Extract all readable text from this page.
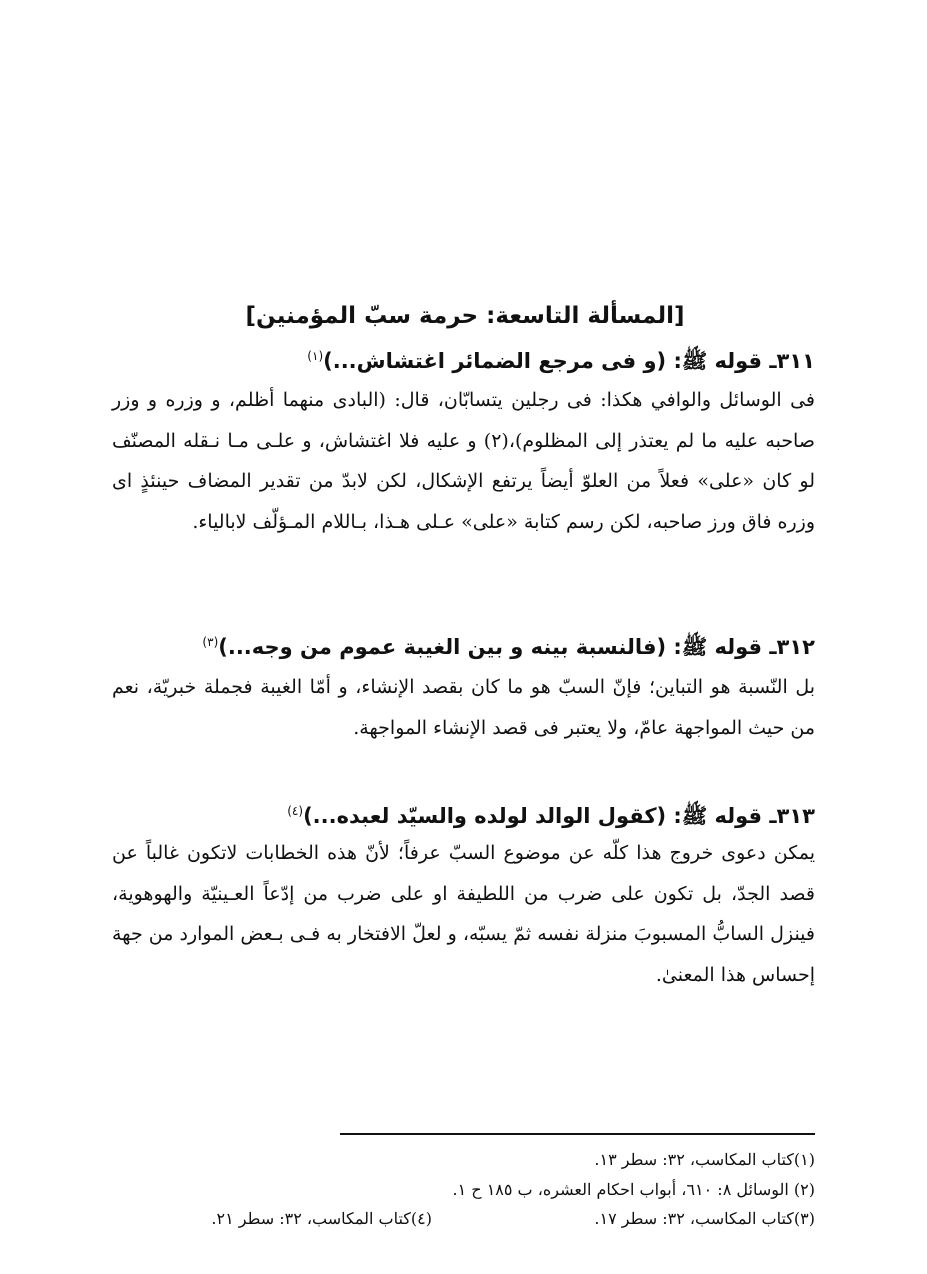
[المسألة التاسعة: حرمة سبّ المؤمنين]
٣١١ـ قوله ﷺ: (و فى مرجع الضمائر اغتشاش...)$^{(١)}$

فى الوسائل والوافي هكذا: فى رجلين يتسابّان، قال: (البادى منهما أظلم، و وزره و وزر صاحبه عليه ما لم يعتذر إلى المظلوم)،(٢) و عليه فلا اغتشاش، و علـى مـا نـقله المصنّف لو كان «على» فعلاً من العلوّ أيضاً يرتفع الإشكال، لكن لابدّ من تقدير المضاف حينئذٍ اى وزره فاق ورز صاحبه، لكن رسم كتابة «على» عـلى هـذا، بـاللام المـؤلّف لابالياء.

٣١٢ـ قوله ﷺ: (فالنسبة بينه و بين الغيبة عموم من وجه...)$^{(٣)}$

بل النّسبة هو التباين؛ فإنّ السبّ هو ما كان بقصد الإنشاء، و أمّا الغيبة فجملة خبريّة، نعم من حيث المواجهة عامّ، ولا يعتبر فى قصد الإنشاء المواجهة.

٣١٣ـ قوله ﷺ: (كقول الوالد لولده والسيّد لعبده...)$^{(٤)}$

يمكن دعوى خروج هذا كلّه عن موضوع السبّ عرفاً؛ لأنّ هذه الخطابات لاتكون غالباً عن قصد الجدّ، بل تكون على ضرب من اللطيفة او على ضرب من إدّعاً العـينيّة والهوهوية، فينزل السابُّ المسبوبَ منزلة نفسه ثمّ يسبّه، و لعلّ الافتخار به فـى بـعض الموارد من جهة إحساس هذا المعنىٰ.

(١)كتاب المكاسب، ٣٢: سطر ١٣.
(٢) الوسائل ٨: ٦١٠، أبواب احكام العشره، ب ١٨٥ ح ١.
(٣)كتاب المكاسب، ٣٢: سطر ١٧.
(٤)كتاب المكاسب، ٣٢: سطر ٢١.
